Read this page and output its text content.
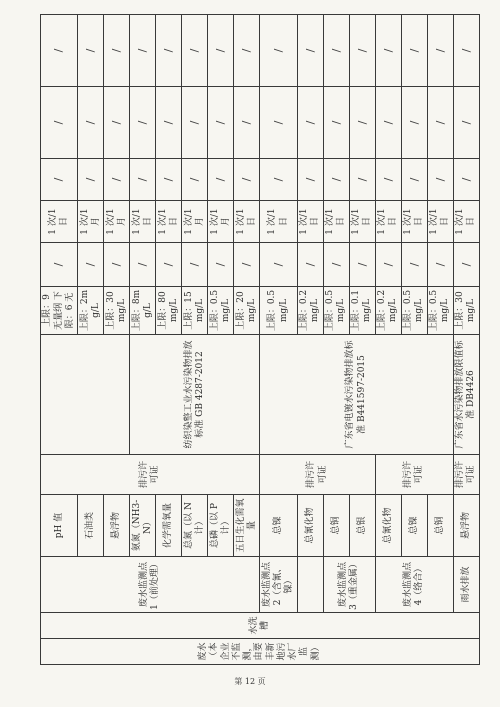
废水（本企业不监测，由要丰新地污水厂监测）	水洗槽	废水监测点 1（前处理）	pH 值	排污许可证		上限：9 无量纲 下限：6 无	/	1 次/1 日	/	/	/
			石油类			上限：2mg/L	/	1 次/1 月	/	/	/
			悬浮物			上限：30mg/L	/	1 次/1 月	/	/	/
			氨氮（NH3-N）		纺织染整工业水污染物排放标准 GB 4287-2012	上限：8mg/L	/	1 次/1 日	/	/	/
			化学需氧量			上限：80mg/L	/	1 次/1 日	/	/	/
			总氮（以 N 计）			上限：15mg/L	/	1 次/1 月	/	/	/
			总磷（以 P 计）			上限：0.5mg/L	/	1 次/1 月	/	/	/
			五日生化需氧量			上限：20mg/L	/	1 次/1 日	/	/	/
		废水监测点 2（含氰、镍）	总镍	排污许可证	广东省电镀水污染物排放标准 B441597-2015	上限：0.5mg/L	/	1 次/1 日	/	/	/
			总氰化物			上限：0.2mg/L	/	1 次/1 日	/	/	/
		废水监测点 3（重金属）	总铜			上限：0.5mg/L	/	1 次/1 日	/	/	/
			总银			上限：0.1mg/L	/	1 次/1 日	/	/	/
		废水监测点 4（络合）	总氰化物	排污许可证		上限：0.2mg/L	/	1 次/1 日	/	/	/
			总镍			上限：0.5mg/L	/	1 次/1 日	/	/	/
			总铜			上限：0.5mg/L	/	1 次/1 日	/	/	/
		雨水排放	悬浮物	排污许可证	广东省水污染物排放限值标准 DB4426	上限：30mg/L	/	1 次/1 日	/	/	/
第 12 页
